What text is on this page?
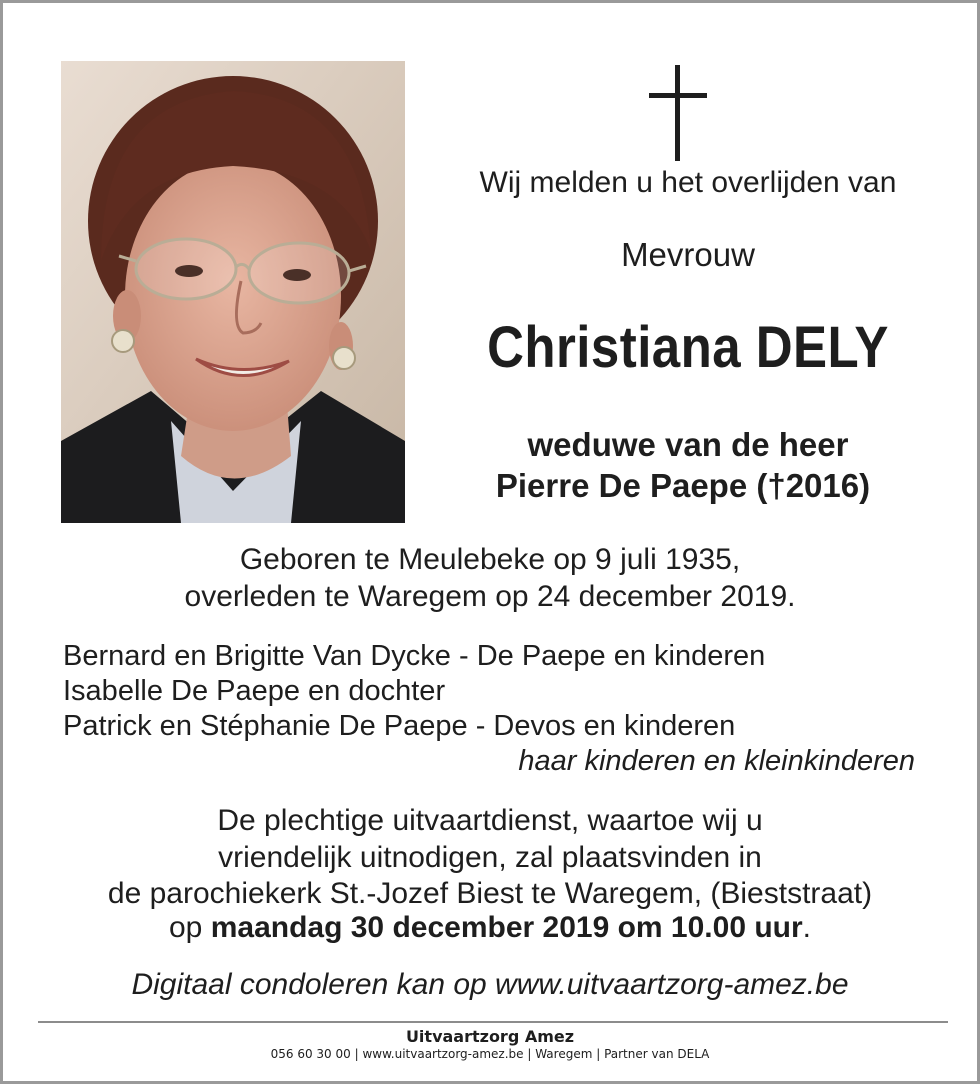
Wij melden u het overlijden van
Mevrouw
Christiana DELY
weduwe van de heer
Pierre De Paepe (†2016)
Geboren te Meulebeke op 9 juli 1935,
overleden te Waregem op 24 december 2019.
Bernard en Brigitte Van Dycke - De Paepe en kinderen
Isabelle De Paepe en dochter
Patrick en Stéphanie De Paepe - Devos en kinderen
haar kinderen en kleinkinderen
De plechtige uitvaartdienst, waartoe wij u
vriendelijk uitnodigen, zal plaatsvinden in
de parochiekerk St.-Jozef Biest te Waregem, (Bieststraat)
op maandag 30 december 2019 om 10.00 uur.
Digitaal condoleren kan op www.uitvaartzorg-amez.be
Uitvaartzorg Amez
056 60 30 00 | www.uitvaartzorg-amez.be | Waregem | Partner van DELA
